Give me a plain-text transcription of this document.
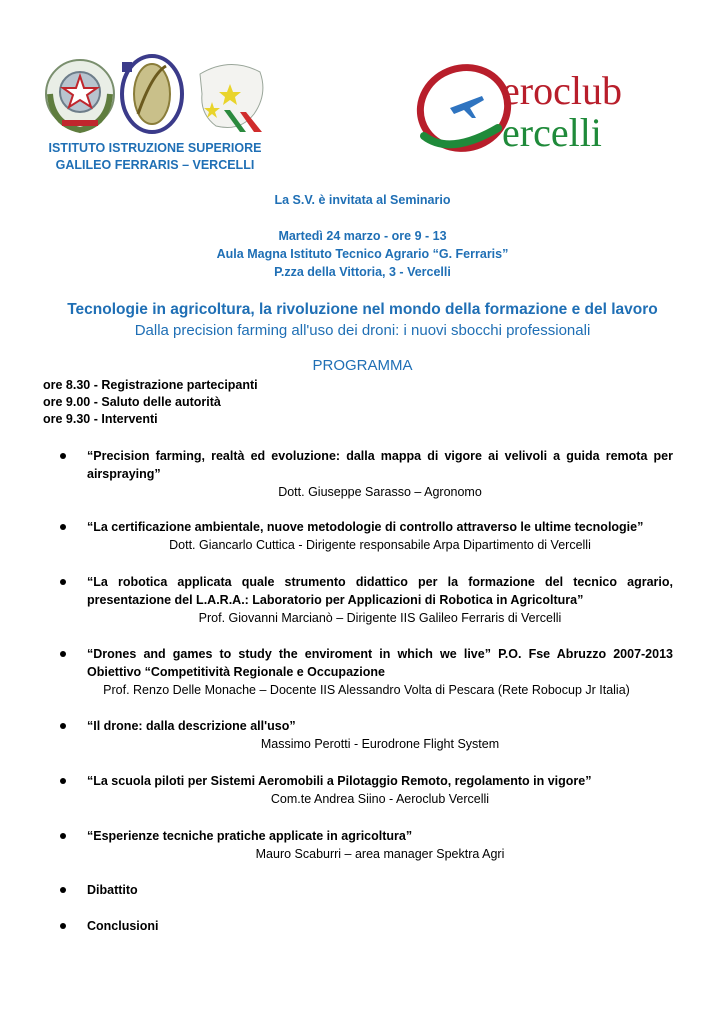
ISTITUTO ISTRUZIONE SUPERIORE
GALILEO FERRARIS – VERCELLI
eroclub
ercelli
La S.V. è invitata al Seminario
Martedì 24 marzo - ore 9 - 13
Aula Magna Istituto Tecnico Agrario “G. Ferraris”
P.zza della Vittoria, 3 - Vercelli
Tecnologie in agricoltura, la rivoluzione nel mondo della formazione e del lavoro
Dalla precision farming all'uso dei droni: i nuovi sbocchi professionali
PROGRAMMA
ore 8.30 - Registrazione partecipanti
ore 9.00 - Saluto delle autorità
ore 9.30 - Interventi
“Precision farming, realtà ed evoluzione: dalla mappa di vigore ai velivoli a guida remota per airspraying”
Dott. Giuseppe Sarasso – Agronomo
“La certificazione ambientale, nuove metodologie di controllo attraverso le ultime tecnologie”
Dott. Giancarlo Cuttica - Dirigente responsabile Arpa Dipartimento di Vercelli
“La robotica applicata quale strumento didattico per la formazione del tecnico agrario, presentazione del L.A.R.A.: Laboratorio per Applicazioni di Robotica in Agricoltura”
Prof. Giovanni Marcianò – Dirigente IIS Galileo Ferraris di Vercelli
“Drones and games to study the enviroment in which we live” P.O. Fse Abruzzo 2007-2013 Obiettivo “Competitività Regionale e Occupazione
Prof. Renzo Delle Monache – Docente IIS Alessandro Volta di Pescara (Rete Robocup Jr Italia)
“Il drone: dalla descrizione all'uso”
Massimo Perotti - Eurodrone Flight System
“La scuola piloti per Sistemi Aeromobili a Pilotaggio Remoto, regolamento in vigore”
Com.te Andrea Siino - Aeroclub Vercelli
“Esperienze tecniche pratiche applicate in agricoltura”
Mauro Scaburri – area manager Spektra Agri
Dibattito
Conclusioni
